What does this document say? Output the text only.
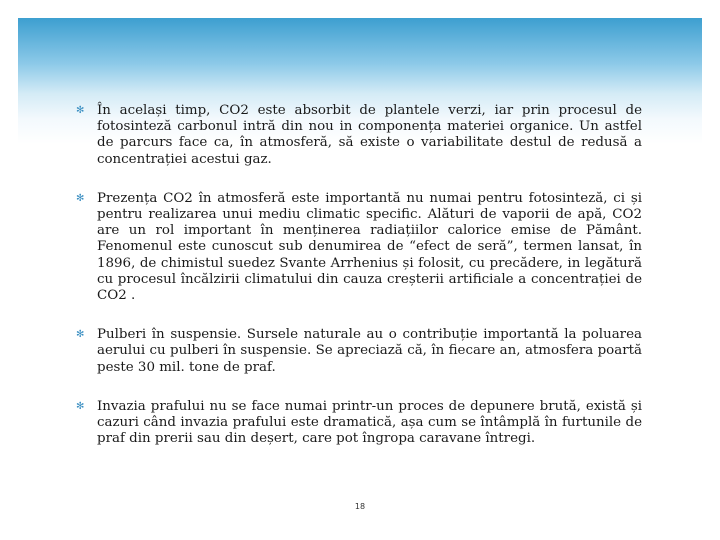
✻ În același timp, CO2 este absorbit de plantele verzi, iar prin procesul de fotosinteză carbonul intră din nou in componența materiei organice. Un astfel de parcurs face ca, în atmosferă, să existe o variabilitate destul de redusă a concentrației acestui gaz.
✻ Prezența CO2 în atmosferă este importantă nu numai pentru fotosinteză, ci și pentru realizarea unui mediu climatic specific. Alături de vaporii de apă, CO2 are un rol important în menținerea radiațiilor calorice emise de Pământ. Fenomenul este cunoscut sub denumirea de “efect de seră”, termen lansat, în 1896, de chimistul suedez Svante Arrhenius și folosit, cu precădere, in legătură cu procesul încălzirii climatului din cauza creșterii artificiale a concentrației de CO2 .
✻ Pulberi în suspensie. Sursele naturale au o contribuție importantă la poluarea aerului cu pulberi în suspensie. Se apreciază că, în fiecare an, atmosfera poartă peste 30 mil. tone de praf.
✻ Invazia prafului nu se face numai printr-un proces de depunere brută, există și cazuri când invazia prafului este dramatică, așa cum se întâmplă în furtunile de praf din prerii sau din deșert, care pot îngropa caravane întregi.
18
